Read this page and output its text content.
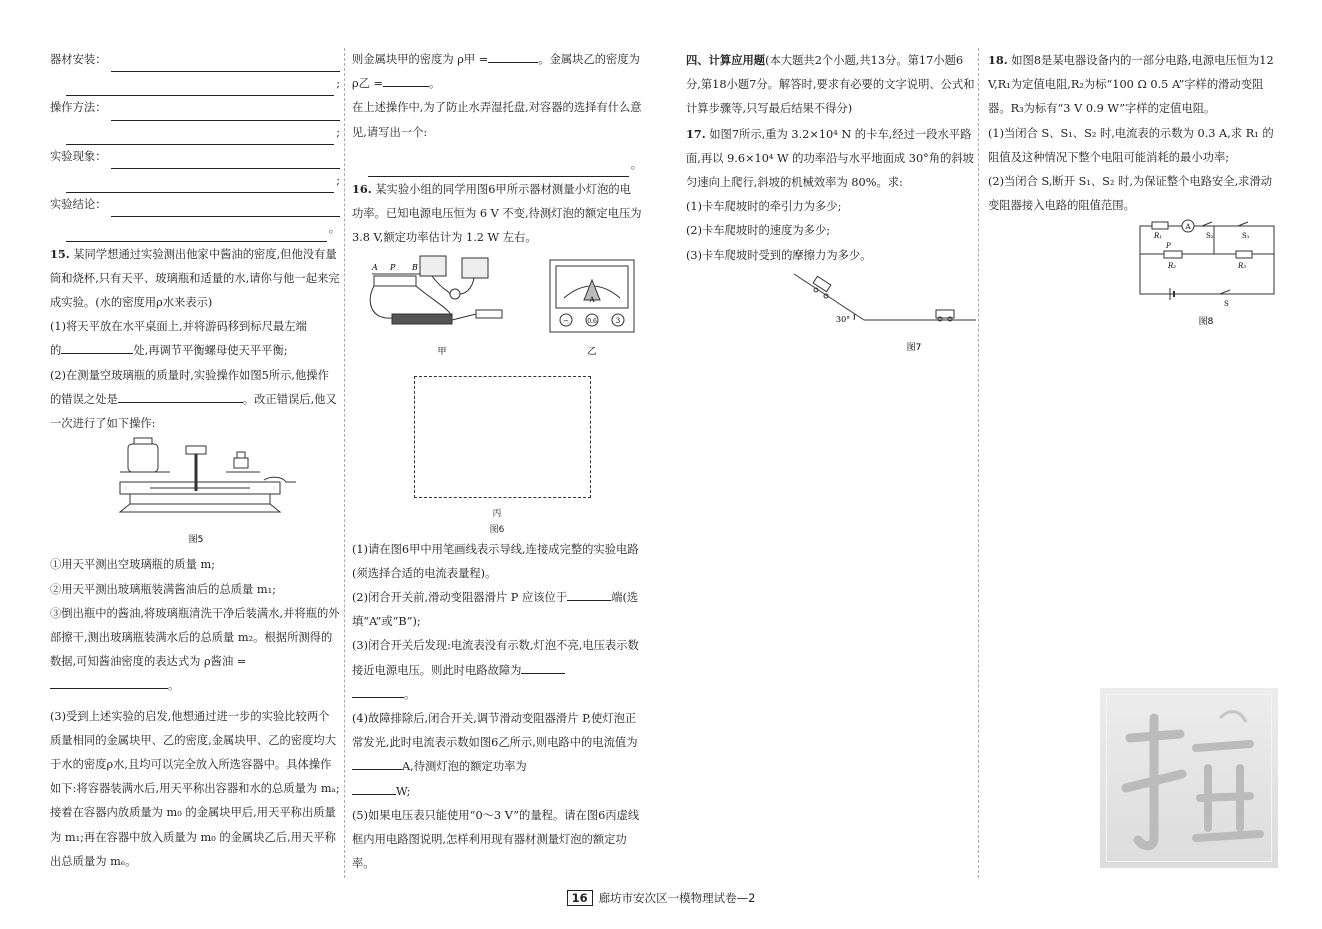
器材安装：
;
操作方法：
;
实验现象：
;
实验结论：
。

15. 某同学想通过实验测出他家中酱油的密度,但他没有量筒和烧杯,只有天平、玻璃瓶和适量的水,请你与他一起来完成实验。(水的密度用ρ水来表示)

(1)将天平放在水平桌面上,并将游码移到标尺最左端

的	处,再调节平衡螺母使天平平衡;

(2)在测量空玻璃瓶的质量时,实验操作如图5所示,他操作的错误之处是	。改正错误后,他又一次进行了如下操作:

图5

①用天平测出空玻璃瓶的质量 m;

②用天平测出玻璃瓶装满酱油后的总质量 m₁;

③倒出瓶中的酱油,将玻璃瓶清洗干净后装满水,并将瓶的外部擦干,测出玻璃瓶装满水后的总质量 m₂。根据所测得的数据,可知酱油密度的表达式为 ρ酱油 =

。

(3)受到上述实验的启发,他想通过进一步的实验比较两个质量相同的金属块甲、乙的密度,金属块甲、乙的密度均大于水的密度ρ水,且均可以完全放入所选容器中。具体操作如下:将容器装满水后,用天平称出容器和水的总质量为 mₐ;接着在容器内放质量为 m₀ 的金属块甲后,用天平称出质量为 m₁;再在容器中放入质量为 m₀ 的金属块乙后,用天平称出总质量为 mₑ。

则金属块甲的密度为 ρ甲 =	。金属块乙的密度为 ρ乙 =	。

在上述操作中,为了防止水弄湿托盘,对容器的选择有什么意见,请写出一个:

。

16. 某实验小组的同学用图6甲所示器材测量小灯泡的电功率。已知电源电压恒为 6 V 不变,待测灯泡的额定电压为 3.8 V,额定功率估计为 1.2 W 左右。

A P B
甲
A
−	0.6	3
乙
丙
图6

(1)请在图6甲中用笔画线表示导线,连接成完整的实验电路(须选择合适的电流表量程)。

(2)闭合开关前,滑动变阻器滑片 P 应该位于	端(选填“A”或“B”);

(3)闭合开关后发现:电流表没有示数,灯泡不亮,电压表示数接近电源电压。则此时电路故障为

。

(4)故障排除后,闭合开关,调节滑动变阻器滑片 P,使灯泡正常发光,此时电流表示数如图6乙所示,则电路中的电流值为A,待测灯泡的额定功率为

W;

(5)如果电压表只能使用“0～3 V”的量程。请在图6丙虚线框内用电路图说明,怎样利用现有器材测量灯泡的额定功率。

四、计算应用题(本大题共2个小题,共13分。第17小题6分,第18小题7分。解答时,要求有必要的文字说明、公式和计算步骤等,只写最后结果不得分)

17. 如图7所示,重为 3.2×10⁴ N 的卡车,经过一段水平路面,再以 9.6×10⁴ W 的功率沿与水平地面成 30°角的斜坡匀速向上爬行,斜坡的机械效率为 80%。求:

(1)卡车爬坡时的牵引力为多少;

(2)卡车爬坡时的速度为多少;

(3)卡车爬坡时受到的摩擦力为多少。

30°
图7

18. 如图8是某电器设备内的一部分电路,电源电压恒为12 V,R₁为定值电阻,R₂为标“100 Ω 0.5 A”字样的滑动变阻器。R₃为标有“3 V 0.9 W”字样的定值电阻。

(1)当闭合 S、S₁、S₂ 时,电流表的示数为 0.3 A,求 R₁ 的阻值及这种情况下整个电阻可能消耗的最小功率;

(2)当闭合 S,断开 S₁、S₂ 时,为保证整个电路安全,求滑动变阻器接入电路的阻值范围。

R₁
A
S₂	S₁
P
R₂	R₃
S
图8
16 廊坊市安次区一模物理试卷—2
